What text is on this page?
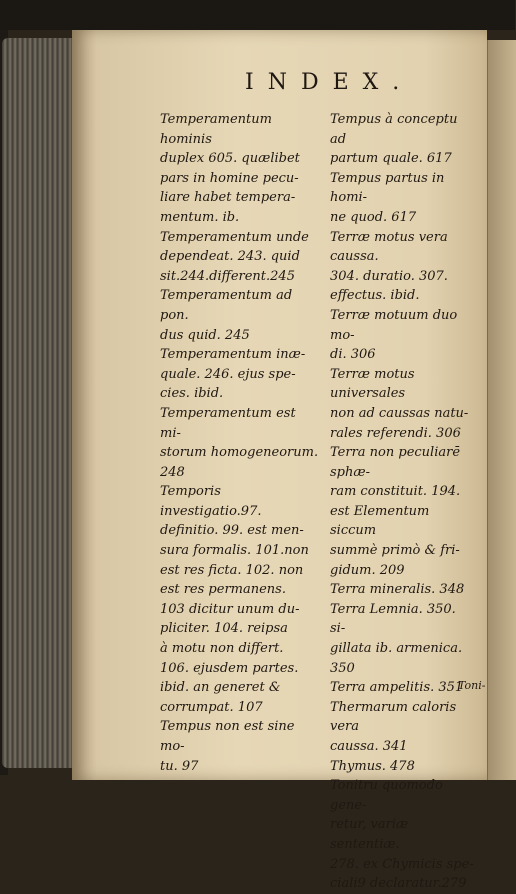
INDEX.

Temperamentum hominis
duplex 605. quælibet
pars in homine pecu-
liare habet tempera-
mentum. ib.

Temperamentum unde
dependeat. 243. quid
sit.244.different.245

Temperamentum ad pon.
dus quid. 245

Temperamentum inæ-
quale. 246. ejus spe-
cies. ibid.

Temperamentum est mi-
storum homogeneorum.
248

Temporis investigatio.97.
definitio. 99. est men-
sura formalis. 101.non
est res ficta. 102. non
est res permanens.
103 dicitur unum du-
pliciter. 104. reipsa
à motu non differt.
106. ejusdem partes.
ibid. an generet &
corrumpat. 107

Tempus non est sine mo-
tu. 97

Tempus à conceptu ad
partum quale. 617

Tempus partus in homi-
ne quod. 617

Terræ motus vera caussa.
304. duratio. 307.
effectus. ibid.

Terræ motuum duo mo-
di. 306

Terræ motus universales
non ad caussas natu-
rales referendi. 306

Terra non peculiarē sphæ-
ram constituit. 194.
est Elementum siccum
summè primò & fri-
gidum. 209

Terra mineralis. 348

Terra Lemnia. 350. si-
gillata ib. armenica.
350

Terra ampelitis. 351

Thermarum caloris vera
caussa. 341

Thymus. 478

Tonitru quomodo gene-
retur, variæ sententiæ.
278. ex Chymicis spe-
ciali9 declaratur.279

Toni-
